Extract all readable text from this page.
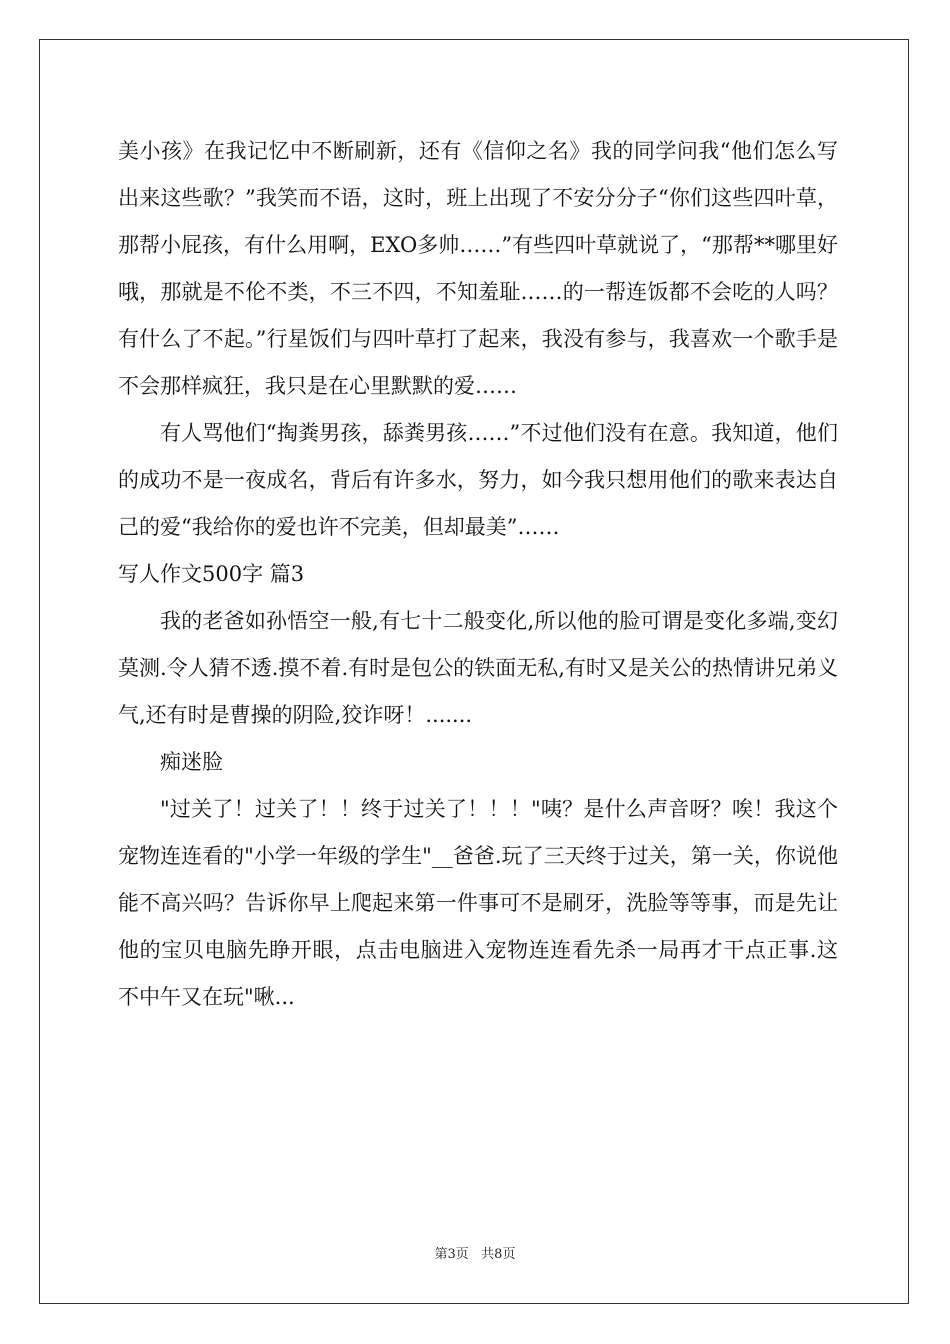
美小孩》在我记忆中不断刷新，还有《信仰之名》我的同学问我“他们怎么写出来这些歌？”我笑而不语，这时，班上出现了不安分分子“你们这些四叶草，那帮小屁孩，有什么用啊，EXO多帅……”有些四叶草就说了，“那帮**哪里好哦，那就是不伦不类，不三不四，不知羞耻……的一帮连饭都不会吃的人吗？有什么了不起。”行星饭们与四叶草打了起来，我没有参与，我喜欢一个歌手是不会那样疯狂，我只是在心里默默的爱……

有人骂他们“掏粪男孩，舔粪男孩……”不过他们没有在意。我知道，他们的成功不是一夜成名，背后有许多水，努力，如今我只想用他们的歌来表达自己的爱“我给你的爱也许不完美，但却最美”……

写人作文500字 篇3

我的老爸如孙悟空一般,有七十二般变化,所以他的脸可谓是变化多端,变幻莫测.令人猜不透.摸不着.有时是包公的铁面无私,有时又是关公的热情讲兄弟义气,还有时是曹操的阴险,狡诈呀！.......

痴迷脸

"过关了！过关了！！终于过关了！！！"咦？是什么声音呀？唉！我这个宠物连连看的"小学一年级的学生"__爸爸.玩了三天终于过关，第一关，你说他能不高兴吗？告诉你早上爬起来第一件事可不是刷牙，洗脸等等事，而是先让他的宝贝电脑先睁开眼，点击电脑进入宠物连连看先杀一局再才干点正事.这不中午又在玩"啾...

第3页   共8页
